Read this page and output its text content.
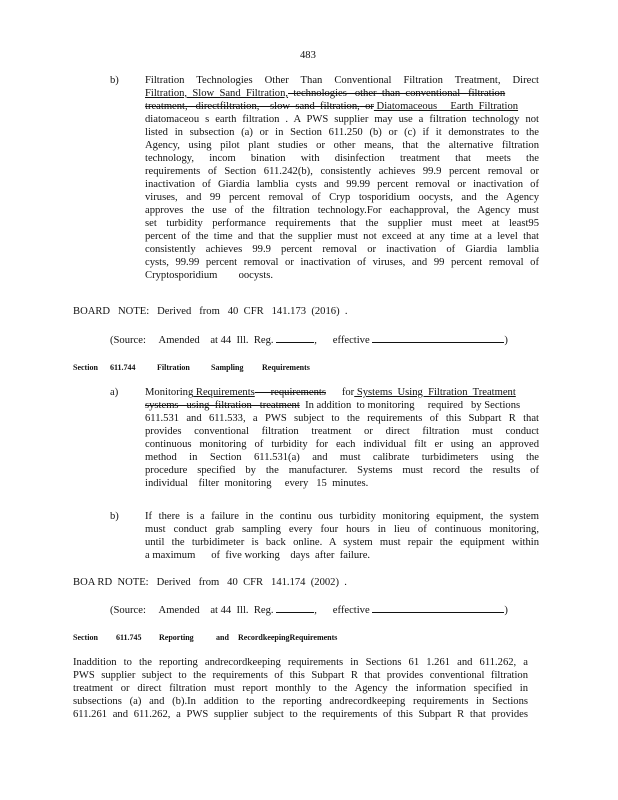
483
b) Filtration Technologies Other Than Conventional Filtration Treatment, Direct
Filtration,  Slow  Sand  Filtration,  technologies   other  than  conventional   filtration
treatment,   directfiltration,    slow  sand  filtration,  or Diatomaceous     Earth  Filtration
diatomaceou s earth filtration . A PWS supplier may use a filtration technology not
listed in subsection (a) or in Section 611.250 (b) or (c) if it demonstrates to the
Agency, using pilot plant studies or other means, that the alternative filtration
technology, incom bination with disinfection treatment that meets the
requirements of Section 611.242(b), consistently achieves 99.9 percent removal or
inactivation of Giardia lamblia cysts and 99.99 percent removal or inactivation of
viruses, and 99 percent removal of Cryp tosporidium oocysts, and the Agency
approves the use of the filtration technology.For eachapproval, the Agency must
set turbidity performance requirements that the supplier must meet at least95
percent of the time and that the supplier must not exceed at any time at a level that
consistently achieves 99.9 percent removal or inactivation of Giardia lamblia
cysts, 99.99 percent removal or inactivation of viruses, and 99 percent removal of
Cryptosporidium        oocysts.
BOARD   NOTE:   Derived   from   40  CFR   141.173  (2016)  .
(Source:     Amended    at 44  Ill.  Reg.	, effective	)
Section 611.744	Filtration	Sampling Requirements
a)	Monitoring Requirements      requirements      for Systems  Using  Filtration  Treatment
systems   using  filtration   treatment  In addition  to monitoring     required   by Sections
611.531 and 611.533, a PWS subject to the requirements of this Subpart R that
provides conventional filtration treatment or direct filtration must conduct
continuous monitoring of turbidity for each individual filt er using an approved
method in Section 611.531(a) and must calibrate turbidimeters using the
procedure specified by the manufacturer. Systems must record the results of
individual    filter  monitoring     every   15  minutes.
b) If there is a failure in the continu ous turbidity monitoring equipment, the system
must conduct grab sampling every four hours in lieu of continuous monitoring,
until the turbidimeter is back online. A system must repair the equipment within
a maximum      of  five working    days  after  failure.
BOA RD  NOTE:   Derived   from   40  CFR   141.174  (2002)  .
(Source:     Amended    at 44  Ill.  Reg.	, effective	)
Section 611.745 Reporting	and RecordkeepingRequirements
Inaddition to the reporting andrecordkeeping requirements in Sections 61 1.261 and 611.262, a
PWS supplier subject to the requirements of this Subpart R that provides conventional filtration
treatment or direct filtration must report monthly to the Agency the information specified in
subsections (a) and (b).In addition to the reporting andrecordkeeping requirements in Sections
611.261 and 611.262, a PWS supplier subject to the requirements of this Subpart R that provides
